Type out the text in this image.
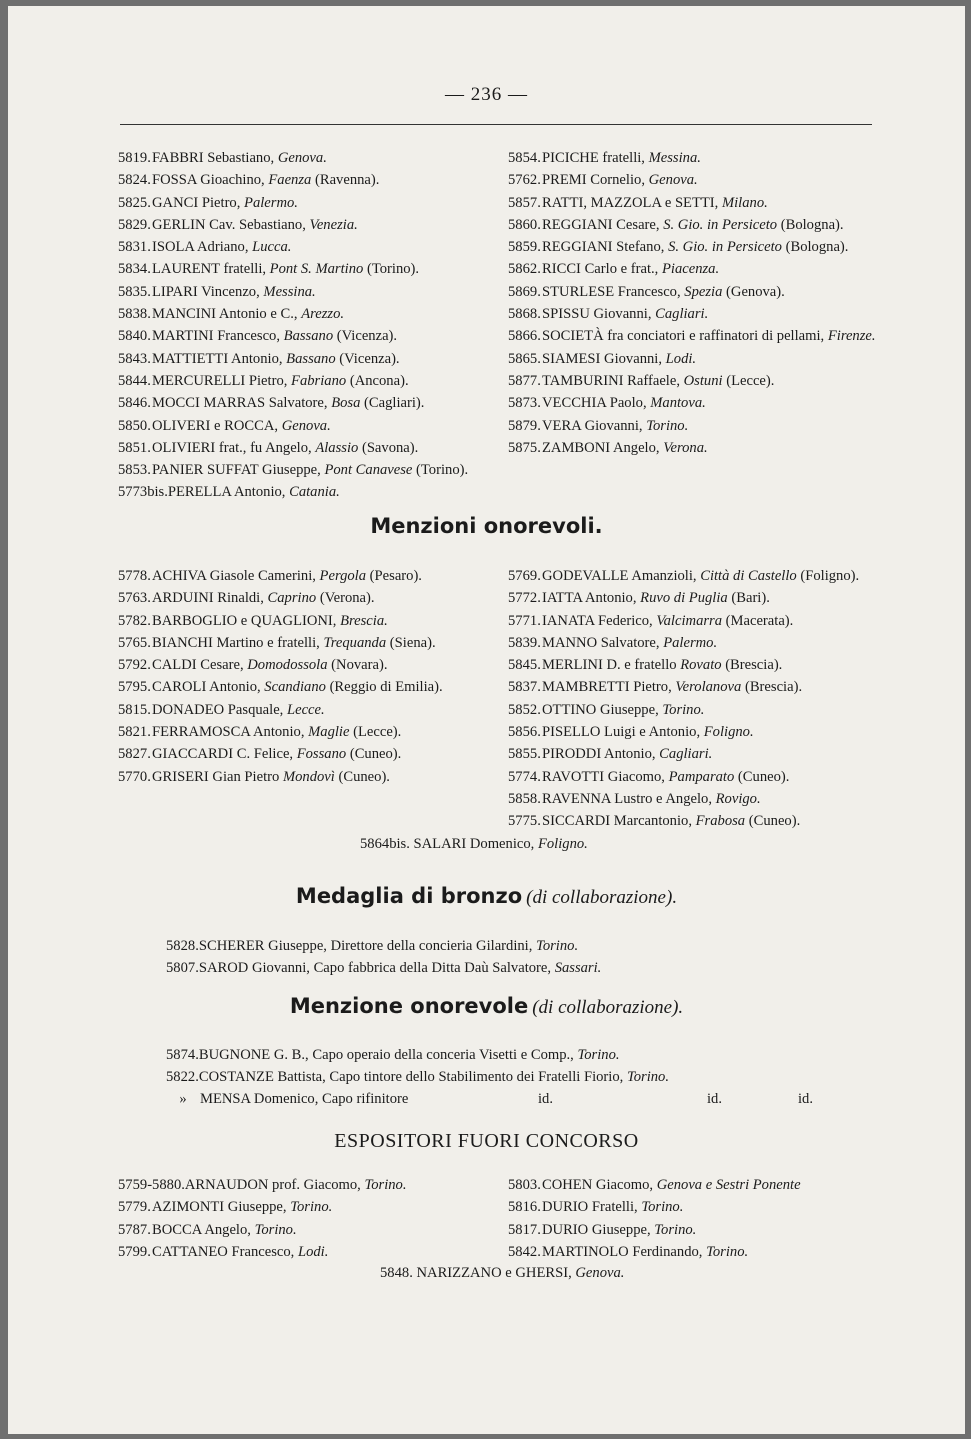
— 236 —
5819.FABBRI Sebastiano, Genova.
5824.FOSSA Gioachino, Faenza (Ravenna).
5825.GANCI Pietro, Palermo.
5829.GERLIN Cav. Sebastiano, Venezia.
5831.ISOLA Adriano, Lucca.
5834.LAURENT fratelli, Pont S. Martino (Torino).
5835.LIPARI Vincenzo, Messina.
5838.MANCINI Antonio e C., Arezzo.
5840.MARTINI Francesco, Bassano (Vicenza).
5843.MATTIETTI Antonio, Bassano (Vicenza).
5844.MERCURELLI Pietro, Fabriano (Ancona).
5846.MOCCI MARRAS Salvatore, Bosa (Cagliari).
5850.OLIVERI e ROCCA, Genova.
5851.OLIVIERI frat., fu Angelo, Alassio (Savona).
5853.PANIER SUFFAT Giuseppe, Pont Canavese (Torino).
5773bis.PERELLA Antonio, Catania.
5854.PICICHE fratelli, Messina.
5762.PREMI Cornelio, Genova.
5857.RATTI, MAZZOLA e SETTI, Milano.
5860.REGGIANI Cesare, S. Gio. in Persiceto (Bologna).
5859.REGGIANI Stefano, S. Gio. in Persiceto (Bologna).
5862.RICCI Carlo e frat., Piacenza.
5869.STURLESE Francesco, Spezia (Genova).
5868.SPISSU Giovanni, Cagliari.
5866.SOCIETÀ fra conciatori e raffinatori di pellami, Firenze.
5865.SIAMESI Giovanni, Lodi.
5877.TAMBURINI Raffaele, Ostuni (Lecce).
5873.VECCHIA Paolo, Mantova.
5879.VERA Giovanni, Torino.
5875.ZAMBONI Angelo, Verona.
Menzioni onorevoli.
5778.ACHIVA Giasole Camerini, Pergola (Pesaro).
5763.ARDUINI Rinaldi, Caprino (Verona).
5782.BARBOGLIO e QUAGLIONI, Brescia.
5765.BIANCHI Martino e fratelli, Trequanda (Siena).
5792.CALDI Cesare, Domodossola (Novara).
5795.CAROLI Antonio, Scandiano (Reggio di Emilia).
5815.DONADEO Pasquale, Lecce.
5821.FERRAMOSCA Antonio, Maglie (Lecce).
5827.GIACCARDI C. Felice, Fossano (Cuneo).
5770.GRISERI Gian Pietro Mondovì (Cuneo).
5769.GODEVALLE Amanzioli, Città di Castello (Foligno).
5772.IATTA Antonio, Ruvo di Puglia (Bari).
5771.IANATA Federico, Valcimarra (Macerata).
5839.MANNO Salvatore, Palermo.
5845.MERLINI D. e fratello Rovato (Brescia).
5837.MAMBRETTI Pietro, Verolanova (Brescia).
5852.OTTINO Giuseppe, Torino.
5856.PISELLO Luigi e Antonio, Foligno.
5855.PIRODDI Antonio, Cagliari.
5774.RAVOTTI Giacomo, Pamparato (Cuneo).
5858.RAVENNA Lustro e Angelo, Rovigo.
5775.SICCARDI Marcantonio, Frabosa (Cuneo).
5864bis. SALARI Domenico, Foligno.
Medaglia di bronzo (di collaborazione).
5828.SCHERER Giuseppe, Direttore della concieria Gilardini, Torino.
5807.SAROD Giovanni, Capo fabbrica della Ditta Daù Salvatore, Sassari.
Menzione onorevole (di collaborazione).
5874.BUGNONE G. B., Capo operaio della conceria Visetti e Comp., Torino.
5822.COSTANZE Battista, Capo tintore dello Stabilimento dei Fratelli Fiorio, Torino.
» MENSA Domenico, Capo rifinitore	id.	id.	id.
ESPOSITORI FUORI CONCORSO
5759-5880.ARNAUDON prof. Giacomo, Torino.
5779.AZIMONTI Giuseppe, Torino.
5787.BOCCA Angelo, Torino.
5799.CATTANEO Francesco, Lodi.
5803.COHEN Giacomo, Genova e Sestri Ponente
5816.DURIO Fratelli, Torino.
5817.DURIO Giuseppe, Torino.
5842.MARTINOLO Ferdinando, Torino.
5848. NARIZZANO e GHERSI, Genova.
